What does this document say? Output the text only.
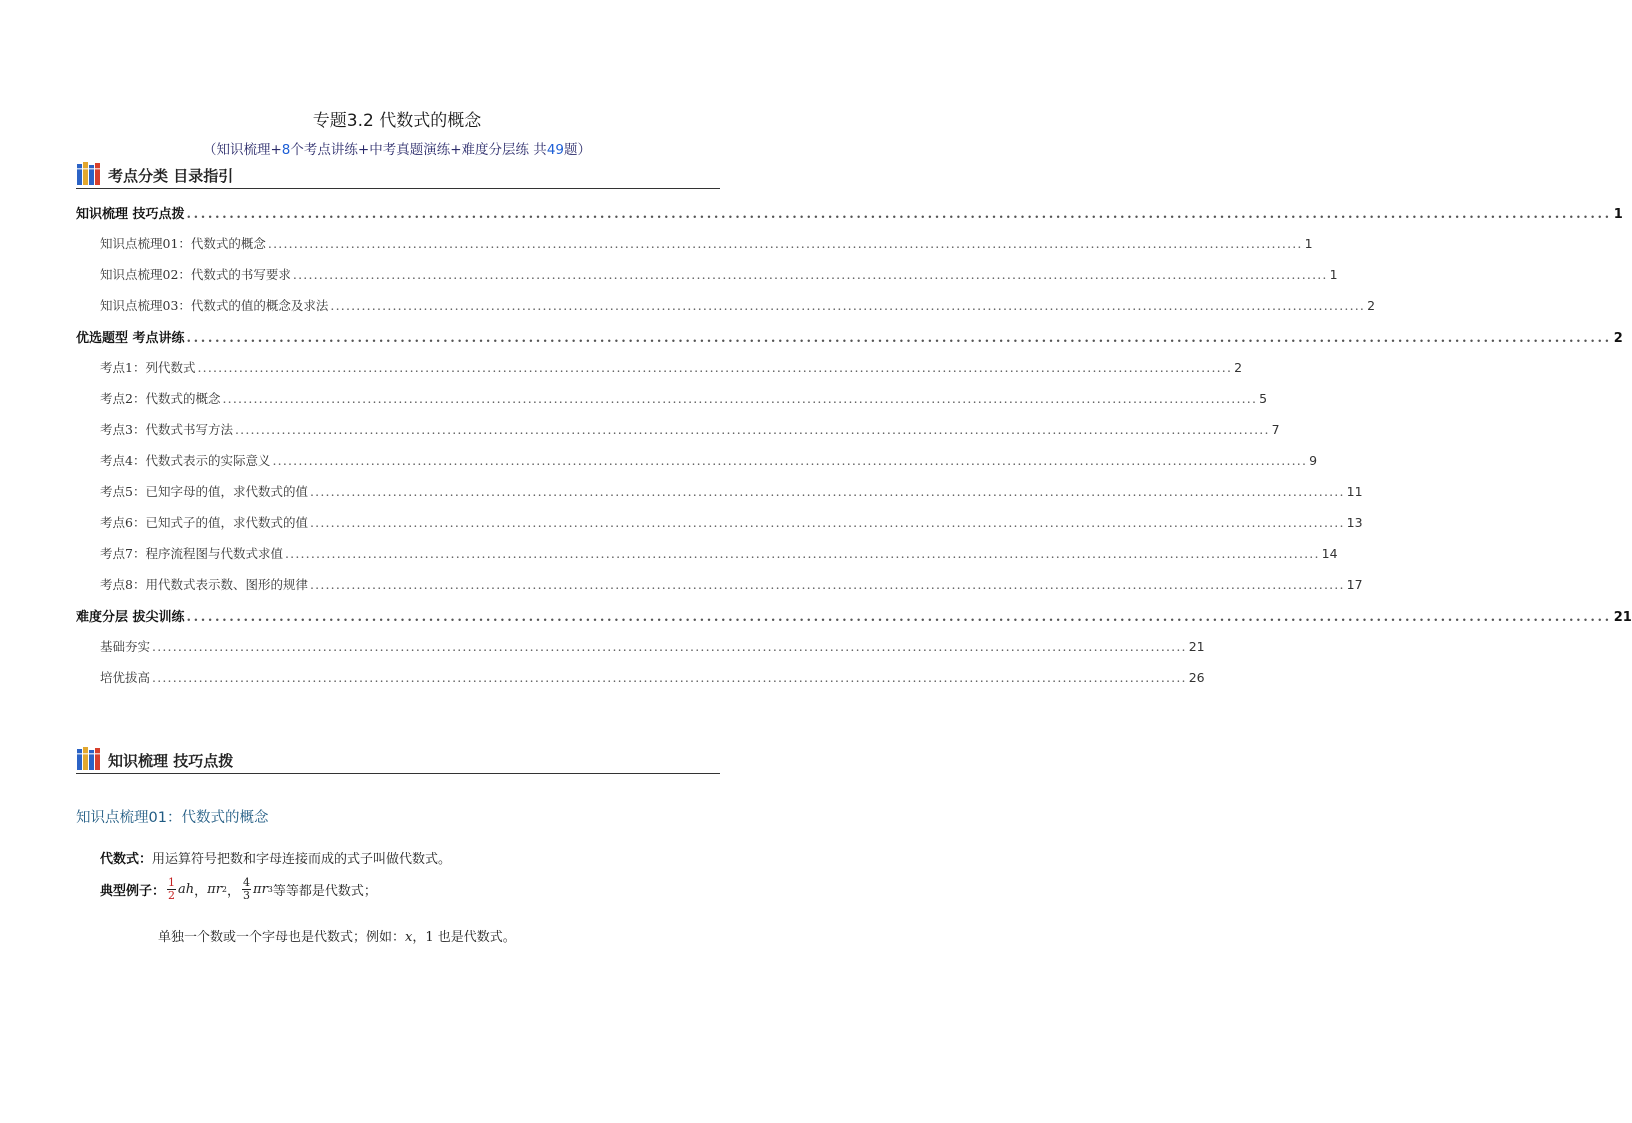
专题3.2 代数式的概念
（知识梳理+8个考点讲练+中考真题演练+难度分层练 共49题）
考点分类 目录指引
知识梳理 技巧点拨 ........................................................................................................................................................................................................ 1
知识点梳理01：代数式的概念 ........................................................................................................................................................................................................ 1
知识点梳理02：代数式的书写要求 ........................................................................................................................................................................................................ 1
知识点梳理03：代数式的值的概念及求法 ........................................................................................................................................................................................................ 2
优选题型 考点讲练 ........................................................................................................................................................................................................ 2
考点1：列代数式 ........................................................................................................................................................................................................ 2
考点2：代数式的概念 ........................................................................................................................................................................................................ 5
考点3：代数式书写方法 ........................................................................................................................................................................................................ 7
考点4：代数式表示的实际意义 ........................................................................................................................................................................................................ 9
考点5：已知字母的值，求代数式的值 ........................................................................................................................................................................................................ 11
考点6：已知式子的值，求代数式的值 ........................................................................................................................................................................................................ 13
考点7：程序流程图与代数式求值 ........................................................................................................................................................................................................ 14
考点8：用代数式表示数、图形的规律 ........................................................................................................................................................................................................ 17
难度分层 拔尖训练 ........................................................................................................................................................................................................ 21
基础夯实 ........................................................................................................................................................................................................ 21
培优拔高 ........................................................................................................................................................................................................ 26
知识梳理 技巧点拨
知识点梳理01：代数式的概念
代数式：用运算符号把数和字母连接而成的式子叫做代数式。
典型例子： $\frac{1}{2}$ ah ， πr 2 ， $\frac{4}{3}$ πr 3 等等都是代数式；
单独一个数或一个字母也是代数式；例如：x，1 也是代数式。
